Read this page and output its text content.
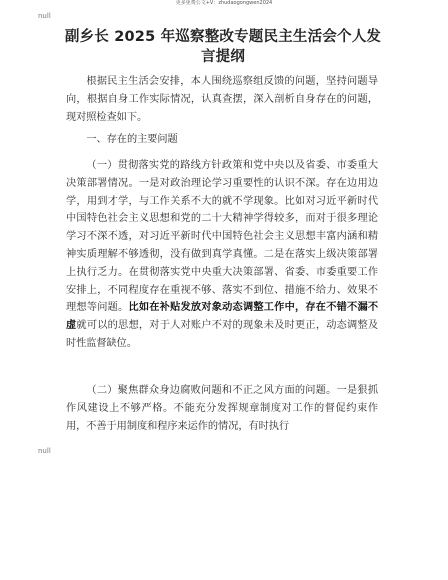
更多免费公文+V：zhudaogongwen2024
null
副乡长 2025 年巡察整改专题民主生活会个人发言提纲

根据民主生活会安排，本人围绕巡察组反馈的问题，坚持问题导向，根据自身工作实际情况，认真查摆，深入剖析自身存在的问题，现对照检查如下。

一、存在的主要问题

（一）贯彻落实党的路线方针政策和党中央以及省委、市委重大决策部署情况。一是对政治理论学习重要性的认识不深。存在边用边学，用到才学，与工作关系不大的就不学现象。比如对习近平新时代中国特色社会主义思想和党的二十大精神学得较多，而对于很多理论学习不深不透，对习近平新时代中国特色社会主义思想丰富内涵和精神实质理解不够透彻，没有做到真学真懂。二是在落实上级决策部署上执行乏力。在贯彻落实党中央重大决策部署、省委、市委重要工作安排上，不同程度存在重视不够、落实不到位、措施不给力、效果不理想等问题。比如在补贴发放对象动态调整工作中，存在不错不漏不虚就可以的思想，对于人对账户不对的现象未及时更正，动态调整及时性监督缺位。

（二）聚焦群众身边腐败问题和不正之风方面的问题。一是狠抓作风建设上不够严格。不能充分发挥规章制度对工作的督促约束作用，不善于用制度和程序来运作的情况，有时执行

null
